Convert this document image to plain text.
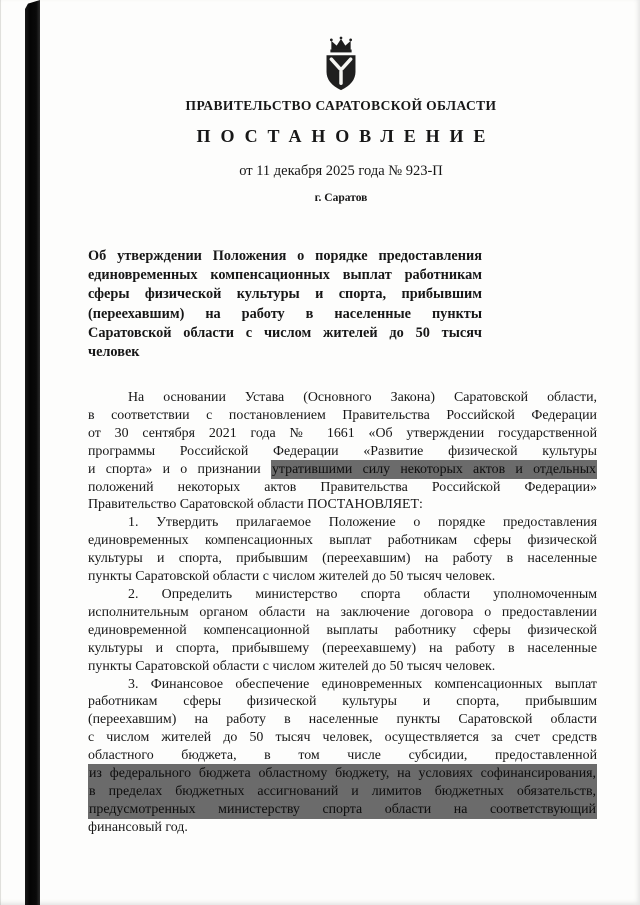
ПРАВИТЕЛЬСТВО САРАТОВСКОЙ ОБЛАСТИ
ПОСТАНОВЛЕНИЕ
от 11 декабря 2025 года № 923-П
г. Саратов
Об утверждении Положения о порядке предоставления
единовременных компенсационных выплат работникам
сферы физической культуры и спорта, прибывшим
(переехавшим) на работу в населенные пункты
Саратовской области с числом жителей до 50 тысяч
человек
На основании Устава (Основного Закона) Саратовской области,
в соответствии с постановлением Правительства Российской Федерации
от 30 сентября 2021 года № 1661 «Об утверждении государственной
программы Российской Федерации «Развитие физической культуры
и спорта» и о признании утратившими силу некоторых актов и отдельных
положений некоторых актов Правительства Российской Федерации»
Правительство Саратовской области ПОСТАНОВЛЯЕТ:
1. Утвердить прилагаемое Положение о порядке предоставления
единовременных компенсационных выплат работникам сферы физической
культуры и спорта, прибывшим (переехавшим) на работу в населенные
пункты Саратовской области с числом жителей до 50 тысяч человек.
2. Определить министерство спорта области уполномоченным
исполнительным органом области на заключение договора о предоставлении
единовременной компенсационной выплаты работнику сферы физической
культуры и спорта, прибывшему (переехавшему) на работу в населенные
пункты Саратовской области с числом жителей до 50 тысяч человек.
3. Финансовое обеспечение единовременных компенсационных выплат
работникам сферы физической культуры и спорта, прибывшим
(переехавшим) на работу в населенные пункты Саратовской области
с числом жителей до 50 тысяч человек, осуществляется за счет средств
областного бюджета, в том числе субсидии, предоставленной
из федерального бюджета областному бюджету, на условиях софинансирования,
в пределах бюджетных ассигнований и лимитов бюджетных обязательств,
предусмотренных министерству спорта области на соответствующий
финансовый год.
